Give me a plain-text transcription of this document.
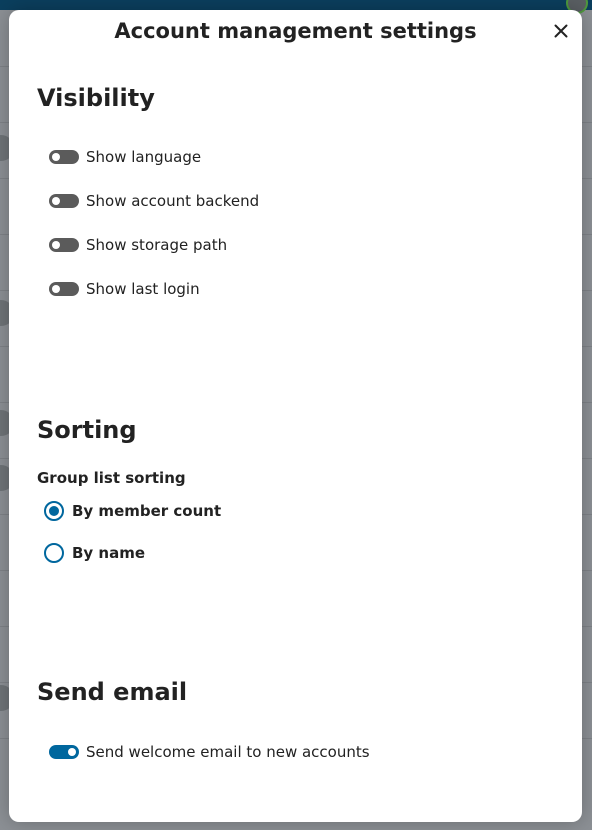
Account management settings
Visibility
Show language
Show account backend
Show storage path
Show last login
Sorting
Group list sorting
By member count
By name
Send email
Send welcome email to new accounts
